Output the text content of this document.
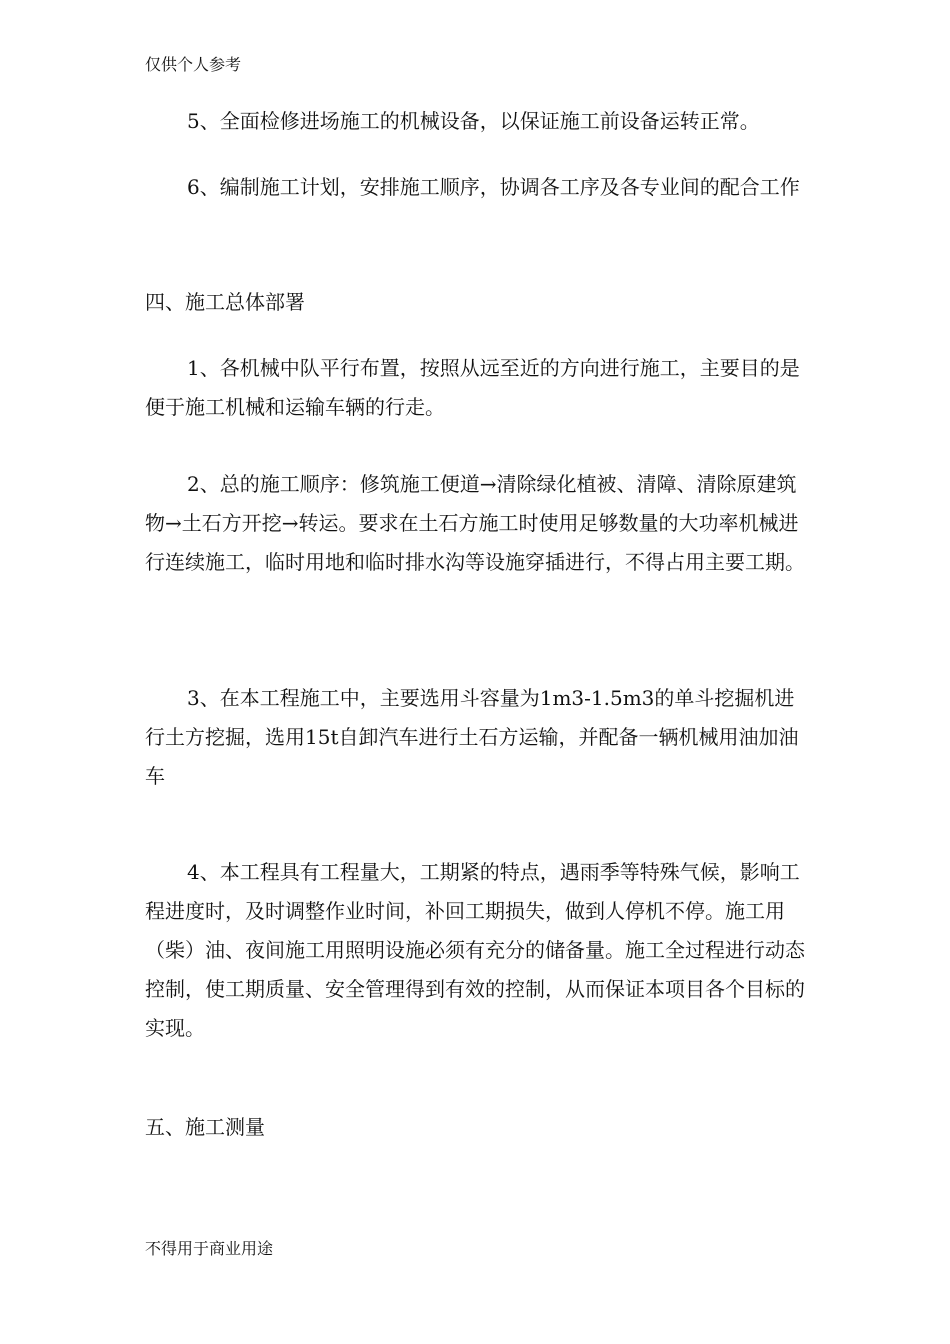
仅供个人参考

5、全面检修进场施工的机械设备，以保证施工前设备运转正常。

6、编制施工计划，安排施工顺序，协调各工序及各专业间的配合工作

四、施工总体部署

1、各机械中队平行布置，按照从远至近的方向进行施工，主要目的是便于施工机械和运输车辆的行走。

2、总的施工顺序：修筑施工便道→清除绿化植被、清障、清除原建筑物→土石方开挖→转运。要求在土石方施工时使用足够数量的大功率机械进行连续施工，临时用地和临时排水沟等设施穿插进行，不得占用主要工期。

3、在本工程施工中，主要选用斗容量为1m3-1.5m3的单斗挖掘机进行土方挖掘，选用15t自卸汽车进行土石方运输，并配备一辆机械用油加油车

4、本工程具有工程量大，工期紧的特点，遇雨季等特殊气候，影响工程进度时，及时调整作业时间，补回工期损失，做到人停机不停。施工用（柴）油、夜间施工用照明设施必须有充分的储备量。施工全过程进行动态控制，使工期质量、安全管理得到有效的控制，从而保证本项目各个目标的实现。

五、施工测量

不得用于商业用途
